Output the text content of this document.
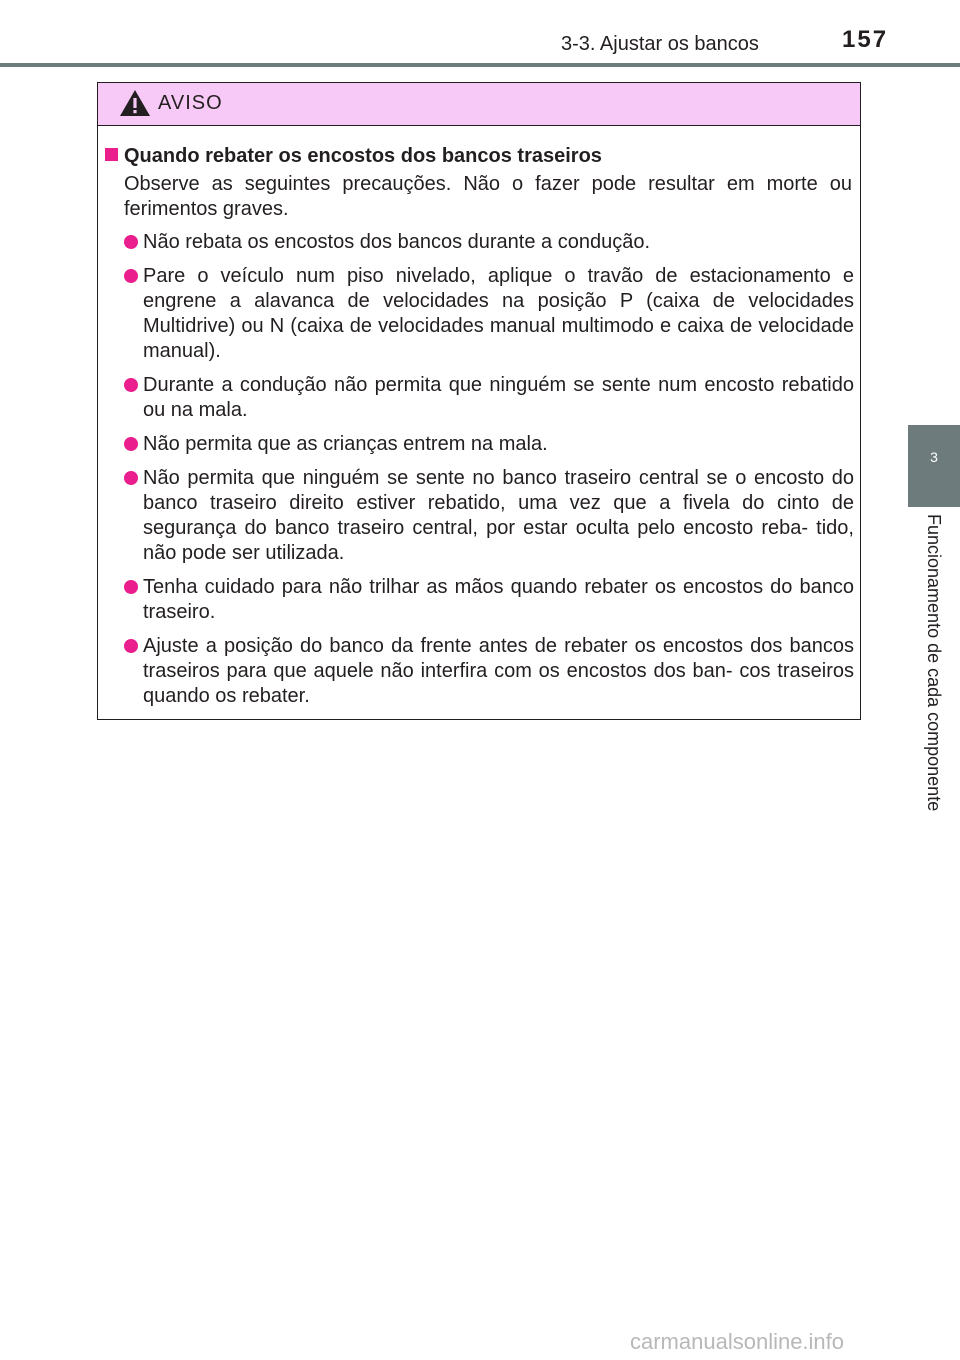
3-3. Ajustar os bancos	157
3
Funcionamento de cada componente
AVISO
Quando rebater os encostos dos bancos traseiros
Observe as seguintes precauções. Não o fazer pode resultar em morte ou ferimentos graves.
Não rebata os encostos dos bancos durante a condução.
Pare o veículo num piso nivelado, aplique o travão de estacionamento e engrene a alavanca de velocidades na posição P (caixa de velocidades Multidrive) ou N (caixa de velocidades manual multimodo e caixa de velocidade manual).
Durante a condução não permita que ninguém se sente num encosto rebatido ou na mala.
Não permita que as crianças entrem na mala.
Não permita que ninguém se sente no banco traseiro central se o encosto do banco traseiro direito estiver rebatido, uma vez que a fivela do cinto de segurança do banco traseiro central, por estar oculta pelo encosto reba- tido, não pode ser utilizada.
Tenha cuidado para não trilhar as mãos quando rebater os encostos do banco traseiro.
Ajuste a posição do banco da frente antes de rebater os encostos dos bancos traseiros para que aquele não interfira com os encostos dos ban- cos traseiros quando os rebater.
carmanualsonline.info
